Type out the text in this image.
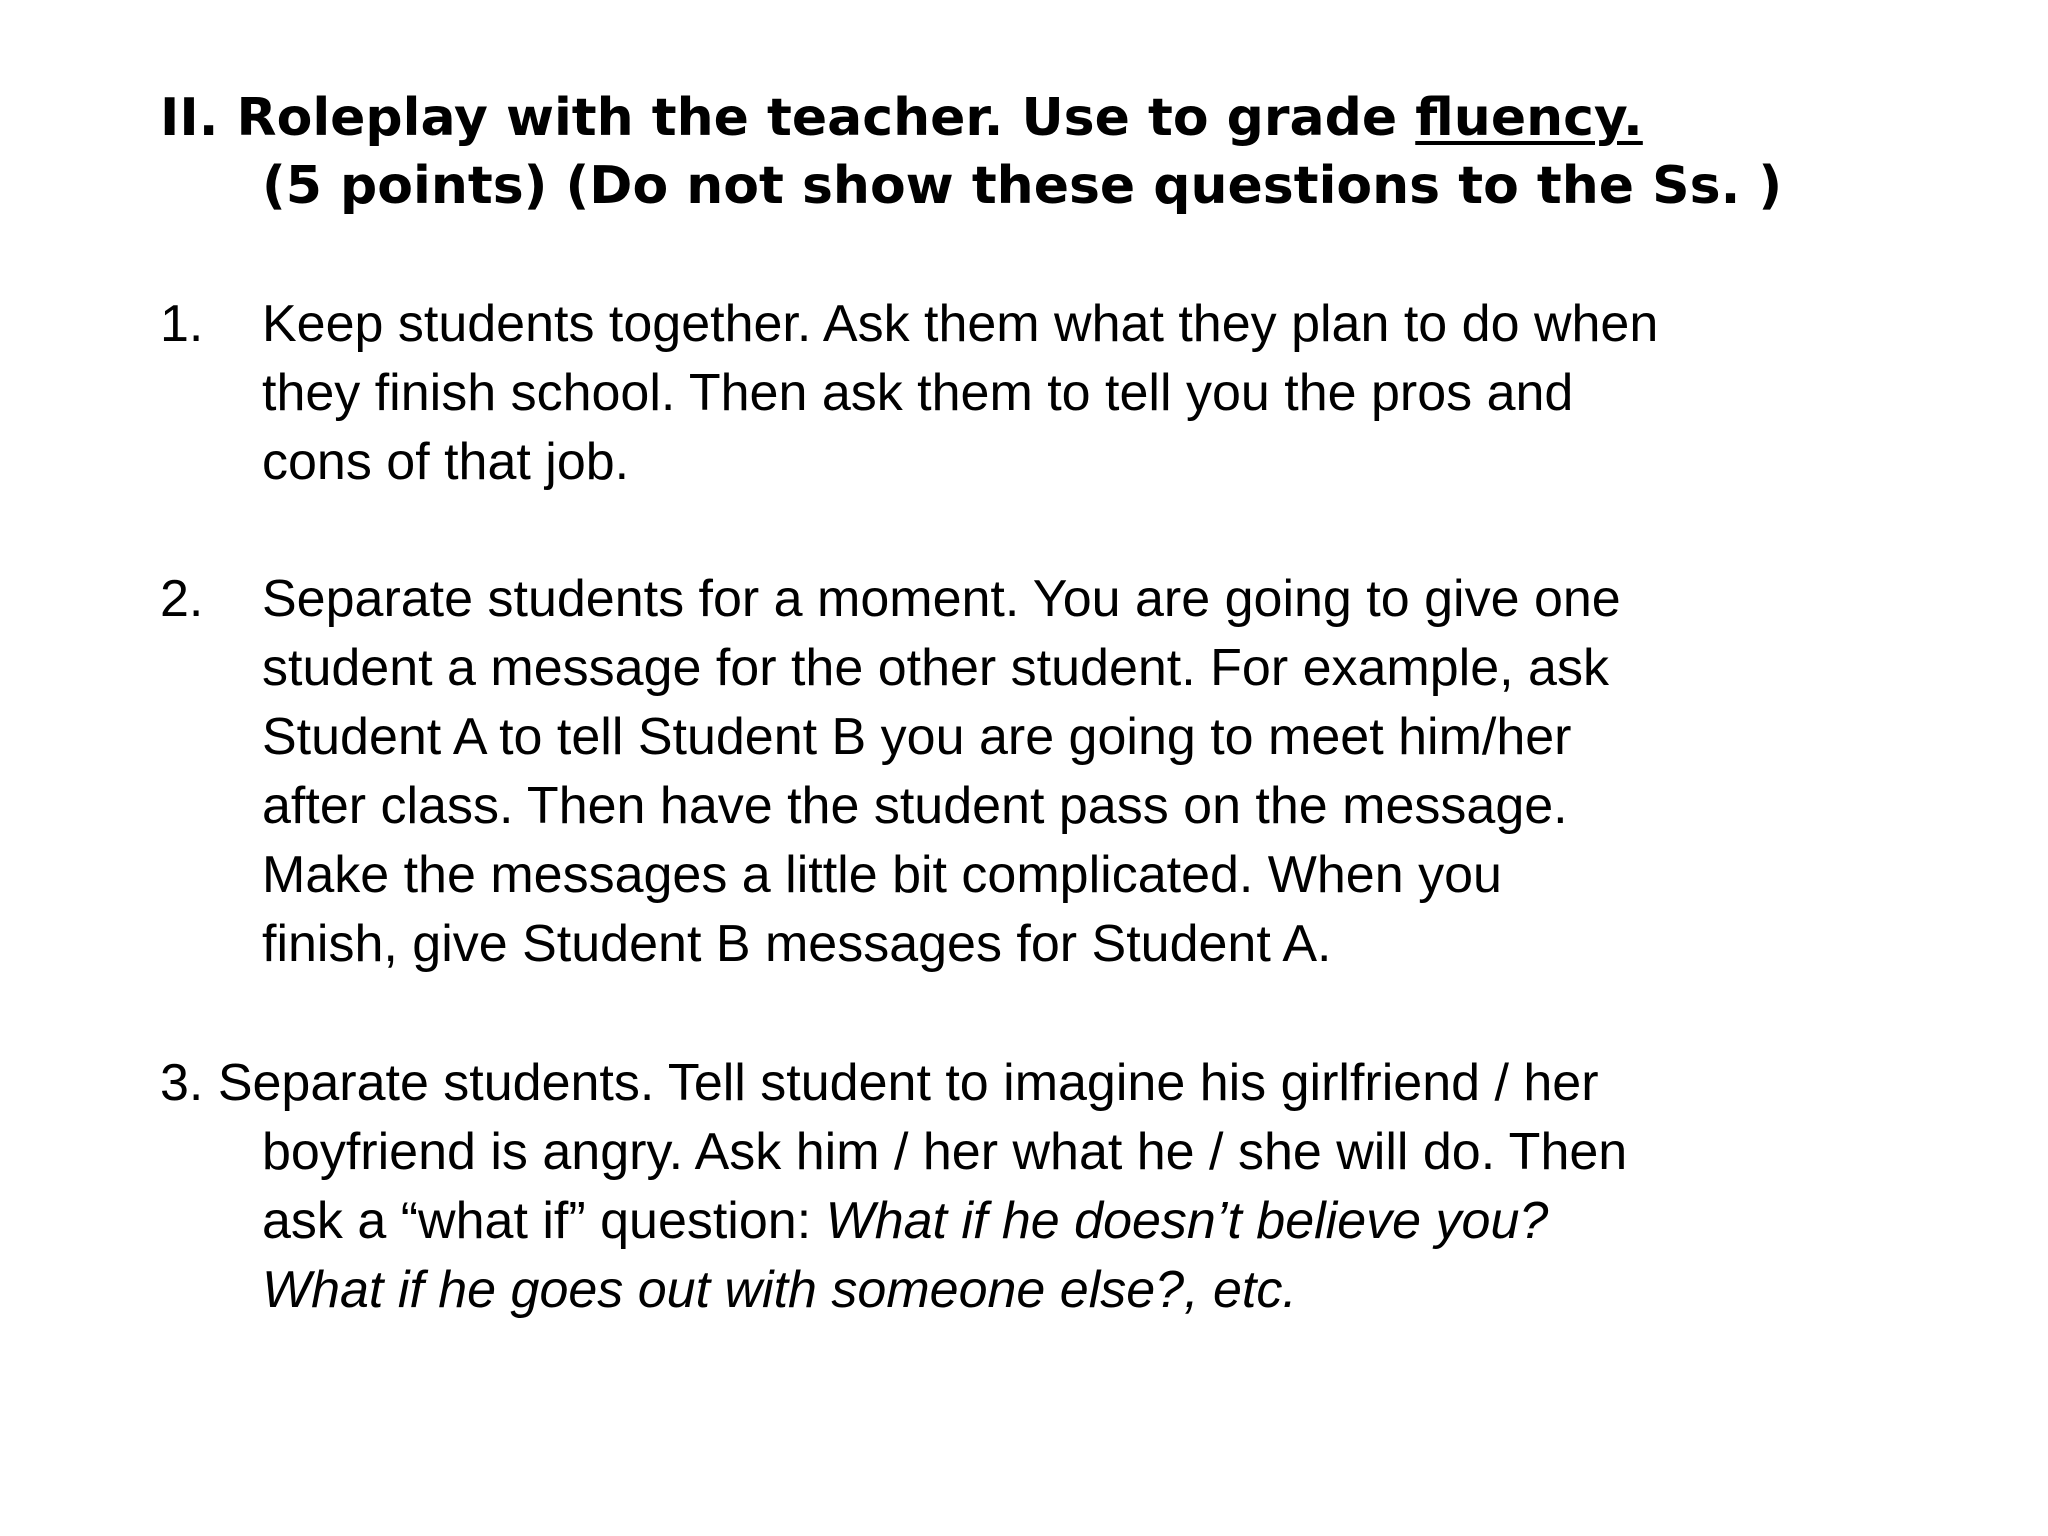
II. Roleplay with the teacher. Use to grade fluency.
(5 points) (Do not show these questions to the Ss. )
1. Keep students together. Ask them what they plan to do when
they finish school. Then ask them to tell you the pros and
cons of that job.
2. Separate students for a moment. You are going to give one
student a message for the other student. For example, ask
Student A to tell Student B you are going to meet him/her
after class. Then have the student pass on the message.
Make the messages a little bit complicated. When you
finish, give Student B messages for Student A.
3. Separate students. Tell student to imagine his girlfriend / her
boyfriend is angry. Ask him / her what he / she will do. Then
ask a “what if” question: What if he doesn’t believe you?
What if he goes out with someone else?, etc.
